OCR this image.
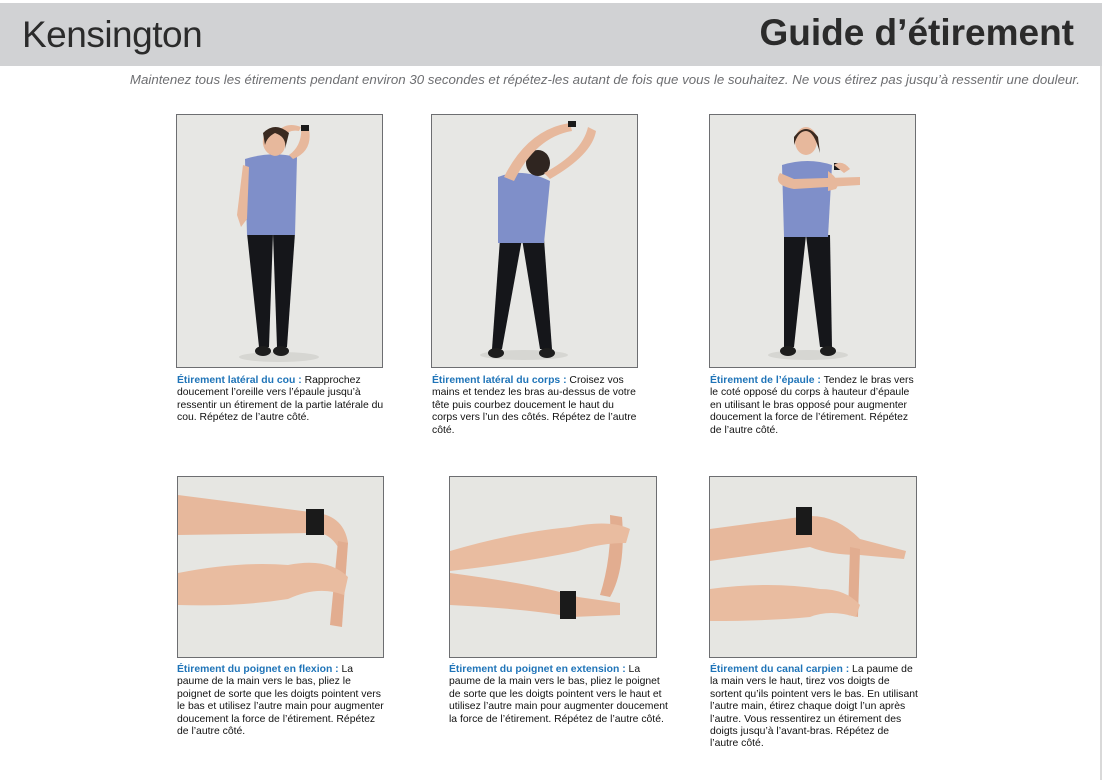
Kensington	Guide d’étirement
Maintenez tous les étirements pendant environ 30 secondes et répétez-les autant de fois que vous le souhaitez. Ne vous étirez pas jusqu’à ressentir une douleur.
Étirement latéral du cou : Rapprochez doucement l’oreille vers l’épaule jusqu’à ressentir un étirement de la partie latérale du cou. Répétez de l’autre côté.
Étirement latéral du corps : Croisez vos mains et tendez les bras au-dessus de votre tête puis courbez doucement le haut du corps vers l’un des côtés. Répétez de l’autre côté.
Étirement de l’épaule : Tendez le bras vers le coté opposé du corps à hauteur d’épaule en utilisant le bras opposé pour augmenter doucement la force de l’étirement. Répétez de l’autre côté.
Étirement du poignet en flexion : La paume de la main vers le bas, pliez le poignet de sorte que les doigts pointent vers le bas et utilisez l’autre main pour augmenter doucement la force de l’étirement. Répétez de l’autre côté.
Étirement du poignet en extension : La paume de la main vers le bas, pliez le poignet de sorte que les doigts pointent vers le haut et utilisez l’autre main pour augmenter doucement la force de l’étirement. Répétez de l’autre côté.
Étirement du canal carpien : La paume de la main vers le haut, tirez vos doigts de sortent qu’ils pointent vers le bas. En utilisant l’autre main, étirez chaque doigt l’un après l’autre. Vous ressentirez un étirement des doigts jusqu’à l’avant-bras. Répétez de l’autre côté.
